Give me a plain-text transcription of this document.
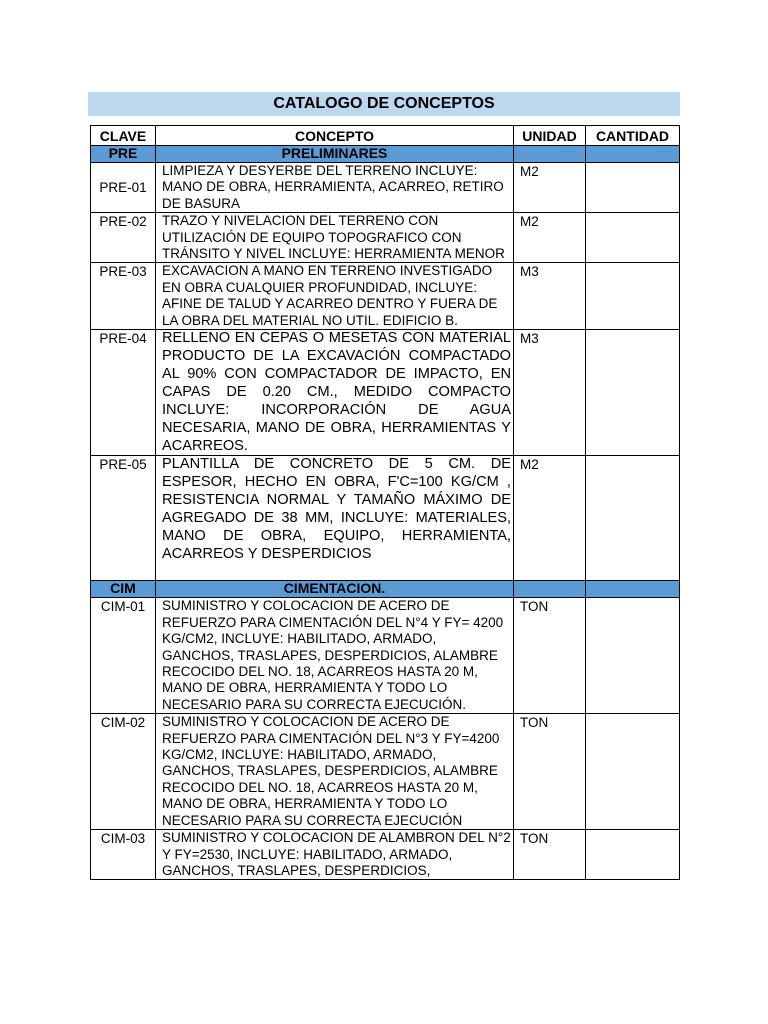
CATALOGO DE CONCEPTOS
CLAVE	CONCEPTO	UNIDAD	CANTIDAD
PRE	PRELIMINARES		
PRE-01	LIMPIEZA Y DESYERBE DEL TERRENO INCLUYE: MANO DE OBRA, HERRAMIENTA, ACARREO, RETIRO DE BASURA	M2	
PRE-02	TRAZO Y NIVELACION DEL TERRENO CON UTILIZACIÓN DE EQUIPO TOPOGRAFICO CON TRÁNSITO Y NIVEL INCLUYE: HERRAMIENTA MENOR	M2	
PRE-03	EXCAVACION A MANO EN TERRENO INVESTIGADO EN OBRA CUALQUIER PROFUNDIDAD, INCLUYE: AFINE DE TALUD Y ACARREO DENTRO Y FUERA DE LA OBRA DEL MATERIAL NO UTIL. EDIFICIO B.	M3	
PRE-04	RELLENO EN CEPAS O MESETAS CON MATERIAL PRODUCTO DE LA EXCAVACIÓN COMPACTADO AL 90% CON COMPACTADOR DE IMPACTO, EN CAPAS DE 0.20 CM., MEDIDO COMPACTO INCLUYE: INCORPORACIÓN DE AGUA NECESARIA, MANO DE OBRA, HERRAMIENTAS Y ACARREOS.	M3	
PRE-05	PLANTILLA DE CONCRETO DE 5 CM. DE ESPESOR, HECHO EN OBRA, F'C=100 KG/CM , RESISTENCIA NORMAL Y TAMAÑO MÁXIMO DE AGREGADO DE 38 MM, INCLUYE: MATERIALES, MANO DE OBRA, EQUIPO, HERRAMIENTA, ACARREOS Y DESPERDICIOS	M2	
CIM	CIMENTACION.		
CIM-01	SUMINISTRO Y COLOCACION DE ACERO DE REFUERZO PARA CIMENTACIÓN DEL N°4 Y FY= 4200 KG/CM2, INCLUYE: HABILITADO, ARMADO, GANCHOS, TRASLAPES, DESPERDICIOS, ALAMBRE RECOCIDO DEL NO. 18, ACARREOS HASTA 20 M, MANO DE OBRA, HERRAMIENTA Y TODO LO NECESARIO PARA SU CORRECTA EJECUCIÓN.	TON	
CIM-02	SUMINISTRO Y COLOCACION DE ACERO DE REFUERZO PARA CIMENTACIÓN DEL N°3 Y FY=4200 KG/CM2, INCLUYE: HABILITADO, ARMADO, GANCHOS, TRASLAPES, DESPERDICIOS, ALAMBRE RECOCIDO DEL NO. 18, ACARREOS HASTA 20 M, MANO DE OBRA, HERRAMIENTA Y TODO LO NECESARIO PARA SU CORRECTA EJECUCIÓN	TON	
CIM-03	SUMINISTRO Y COLOCACION DE ALAMBRON DEL N°2 Y FY=2530, INCLUYE: HABILITADO, ARMADO, GANCHOS, TRASLAPES, DESPERDICIOS,	TON	
